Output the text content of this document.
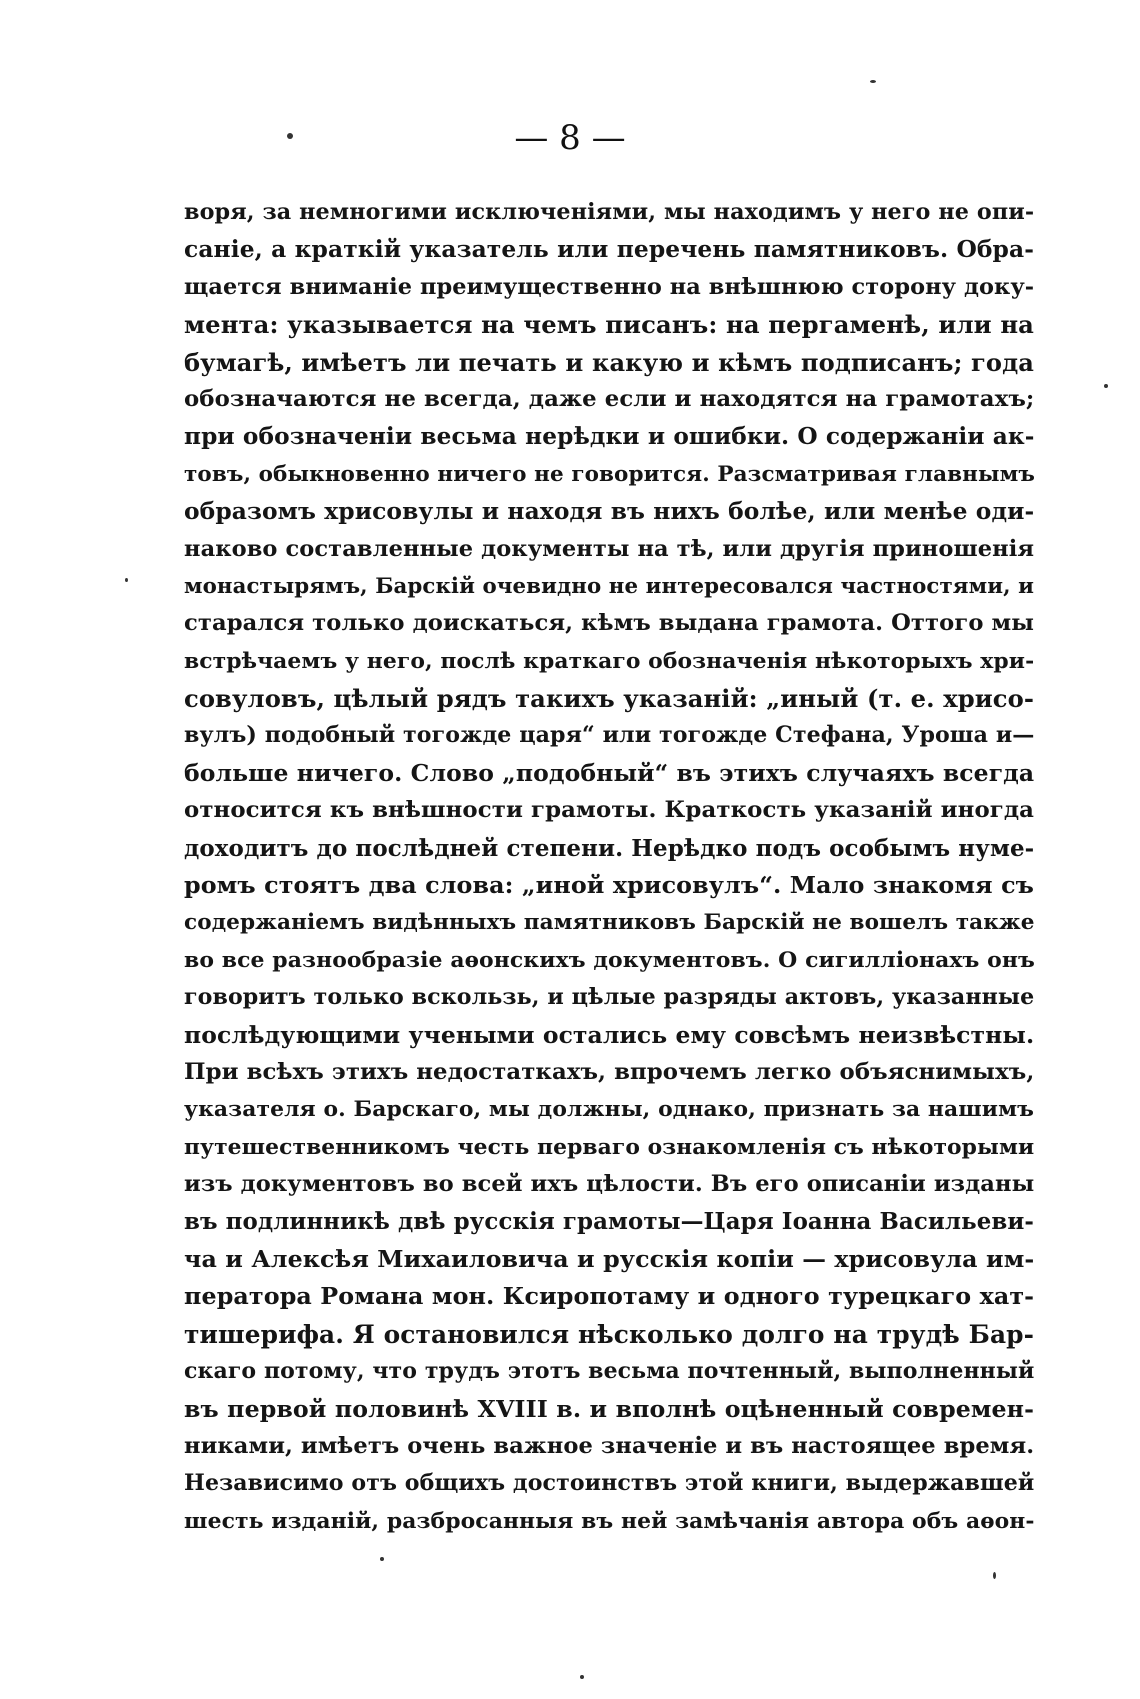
— 8 —
воря, за немногими исключеніями, мы находимъ у него не опи-
саніе, а краткій указатель или перечень памятниковъ. Обра-
щается вниманіе преимущественно на внѣшнюю сторону доку-
мента: указывается на чемъ писанъ: на пергаменѣ, или на
бумагѣ, имѣетъ ли печать и какую и кѣмъ подписанъ; года
обозначаются не всегда, даже если и находятся на грамотахъ;
при обозначеніи весьма нерѣдки и ошибки. О содержаніи ак-
товъ, обыкновенно ничего не говорится. Разсматривая главнымъ
образомъ хрисовулы и находя въ нихъ болѣе, или менѣе оди-
наково составленные документы на тѣ, или другія приношенія
монастырямъ, Барскій очевидно не интересовался частностями, и
старался только доискаться, кѣмъ выдана грамота. Оттого мы
встрѣчаемъ у него, послѣ краткаго обозначенія нѣкоторыхъ хри-
совуловъ, цѣлый рядъ такихъ указаній: „иный (т. е. хрисо-
вулъ) подобный тогожде царя“ или тогожде Стефана, Уроша и—
больше ничего. Слово „подобный“ въ этихъ случаяхъ всегда
относится къ внѣшности грамоты. Краткость указаній иногда
доходитъ до послѣдней степени. Нерѣдко подъ особымъ нуме-
ромъ стоятъ два слова: „иной хрисовулъ“. Мало знакомя съ
содержаніемъ видѣнныхъ памятниковъ Барскій не вошелъ также
во все разнообразіе аѳонскихъ документовъ. О сигилліонахъ онъ
говоритъ только вскользь, и цѣлые разряды актовъ, указанные
послѣдующими учеными остались ему совсѣмъ неизвѣстны.
При всѣхъ этихъ недостаткахъ, впрочемъ легко объяснимыхъ,
указателя о. Барскаго, мы должны, однако, признать за нашимъ
путешественникомъ честь перваго ознакомленія съ нѣкоторыми
изъ документовъ во всей ихъ цѣлости. Въ его описаніи изданы
въ подлинникѣ двѣ русскія грамоты—Царя Іоанна Васильеви-
ча и Алексѣя Михаиловича и русскія копіи — хрисовула им-
ператора Романа мон. Ксиропотаму и одного турецкаго хат-
тишерифа. Я остановился нѣсколько долго на трудѣ Бар-
скаго потому, что трудъ этотъ весьма почтенный, выполненный
въ первой половинѣ XVIII в. и вполнѣ оцѣненный современ-
никами, имѣетъ очень важное значеніе и въ настоящее время.
Независимо отъ общихъ достоинствъ этой книги, выдержавшей
шесть изданій, разбросанныя въ ней замѣчанія автора объ аѳон-
